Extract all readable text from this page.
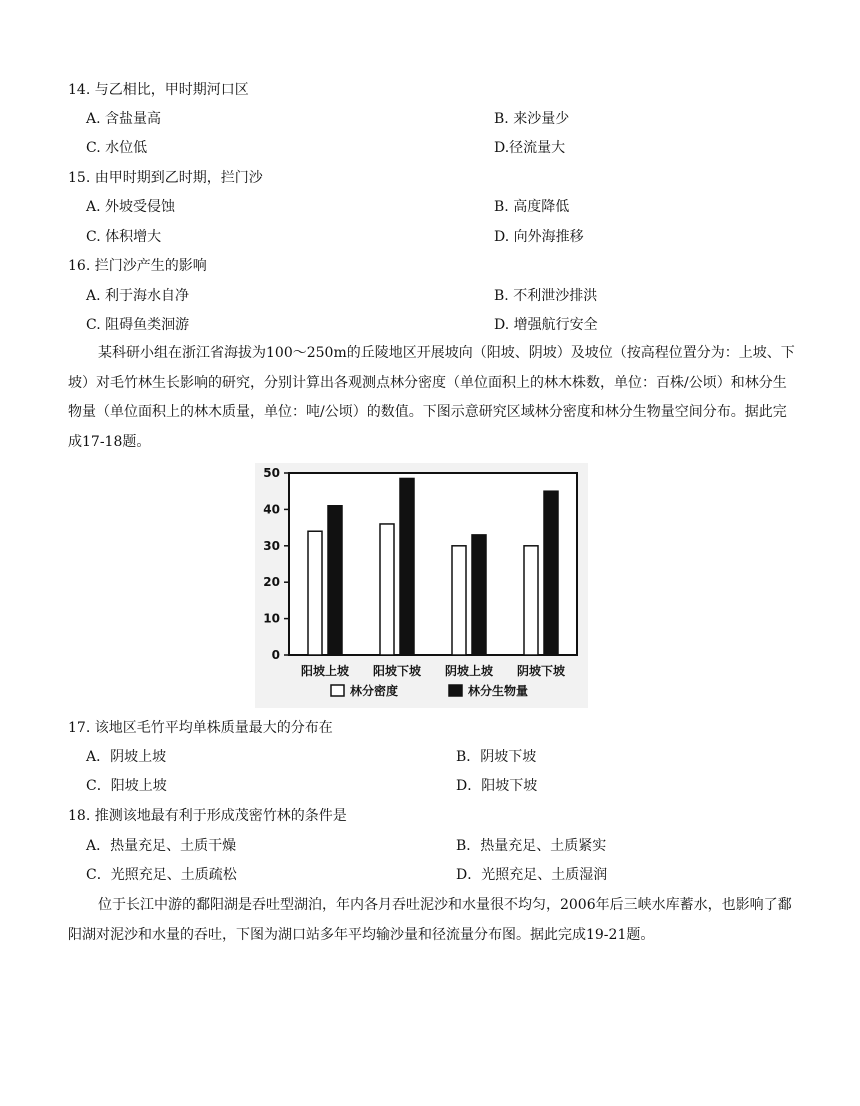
14. 与乙相比，甲时期河口区
A. 含盐量高	B. 来沙量少
C. 水位低	D.径流量大
15. 由甲时期到乙时期，拦门沙
A. 外坡受侵蚀	B. 高度降低
C. 体积增大	D. 向外海推移
16. 拦门沙产生的影响
A. 利于海水自净	B. 不利泄沙排洪
C. 阻碍鱼类洄游	D. 增强航行安全
某科研小组在浙江省海拔为100～250m的丘陵地区开展坡向（阳坡、阴坡）及坡位（按高程位置分为：上坡、下坡）对毛竹林生长影响的研究，分别计算出各观测点林分密度（单位面积上的林木株数，单位：百株/公顷）和林分生物量（单位面积上的林木质量，单位：吨/公顷）的数值。下图示意研究区域林分密度和林分生物量空间分布。据此完成17-18题。
0
10
20
30
40
50
阳坡上坡 阳坡下坡 阴坡上坡 阴坡下坡
林分密度	林分生物量
17. 该地区毛竹平均单株质量最大的分布在
A．阴坡上坡	B．阴坡下坡
C．阳坡上坡	D．阳坡下坡
18. 推测该地最有利于形成茂密竹林的条件是
A．热量充足、土质干燥	B．热量充足、土质紧实
C．光照充足、土质疏松	D．光照充足、土质湿润
位于长江中游的鄱阳湖是吞吐型湖泊，年内各月吞吐泥沙和水量很不均匀，2006年后三峡水库蓄水，也影响了鄱阳湖对泥沙和水量的吞吐，下图为湖口站多年平均输沙量和径流量分布图。据此完成19-21题。
